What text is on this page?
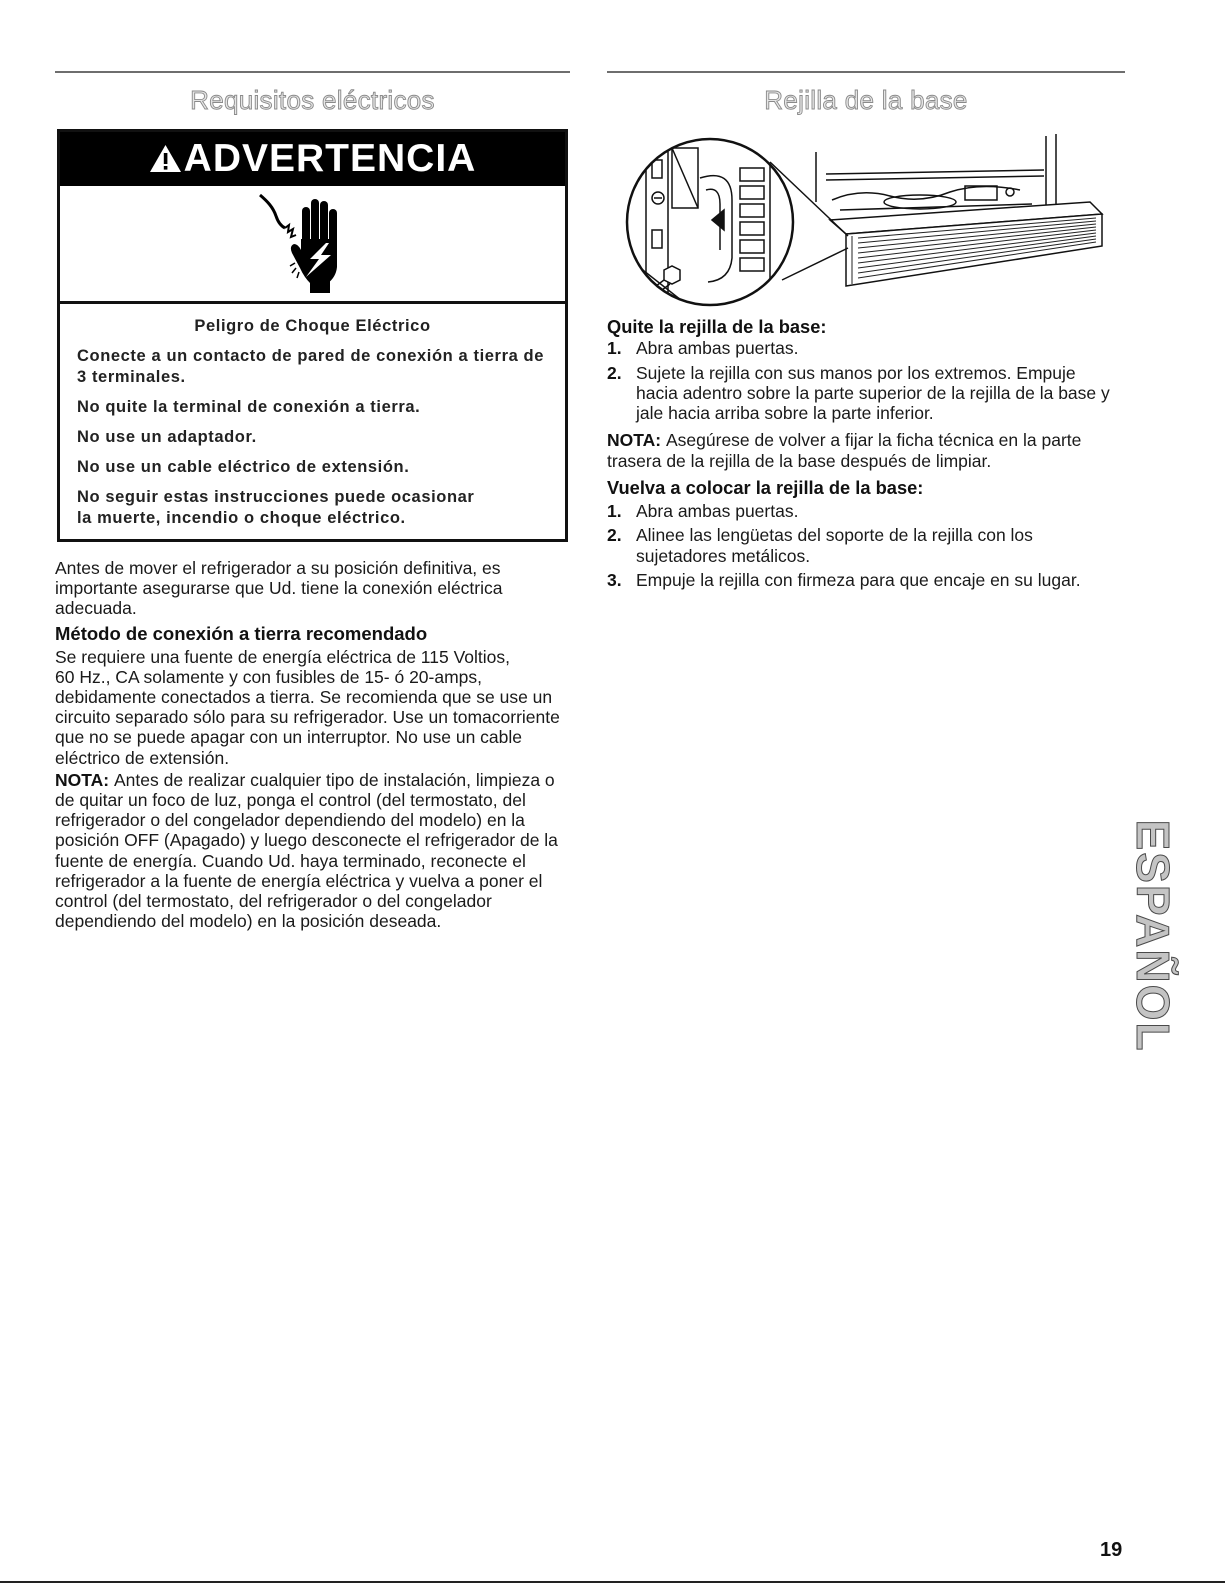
Requisitos eléctricos
ADVERTENCIA
Peligro de Choque Eléctrico

Conecte a un contacto de pared de conexión a tierra de
3 terminales.

No quite la terminal de conexión a tierra.

No use un adaptador.

No use un cable eléctrico de extensión.

No seguir estas instrucciones puede ocasionar
la muerte, incendio o choque eléctrico.

Antes de mover el refrigerador a su posición definitiva, es
importante asegurarse que Ud. tiene la conexión eléctrica
adecuada.

Método de conexión a tierra recomendado

Se requiere una fuente de energía eléctrica de 115 Voltios,
60 Hz., CA solamente y con fusibles de 15- ó 20-amps,
debidamente conectados a tierra. Se recomienda que se use un
circuito separado sólo para su refrigerador. Use un tomacorriente
que no se puede apagar con un interruptor. No use un cable
eléctrico de extensión.

NOTA: Antes de realizar cualquier tipo de instalación, limpieza o
de quitar un foco de luz, ponga el control (del termostato, del
refrigerador o del congelador dependiendo del modelo) en la
posición OFF (Apagado) y luego desconecte el refrigerador de la
fuente de energía. Cuando Ud. haya terminado, reconecte el
refrigerador a la fuente de energía eléctrica y vuelva a poner el
control (del termostato, del refrigerador o del congelador
dependiendo del modelo) en la posición deseada.

Rejilla de la base
Quite la rejilla de la base:
1. Abra ambas puertas.
2. Sujete la rejilla con sus manos por los extremos. Empuje
hacia adentro sobre la parte superior de la rejilla de la base y
jale hacia arriba sobre la parte inferior.

NOTA: Asegúrese de volver a fijar la ficha técnica en la parte
trasera de la rejilla de la base después de limpiar.

Vuelva a colocar la rejilla de la base:
1. Abra ambas puertas.
2. Alinee las lengüetas del soporte de la rejilla con los
sujetadores metálicos.
3. Empuje la rejilla con firmeza para que encaje en su lugar.
ESPAÑOL
19
